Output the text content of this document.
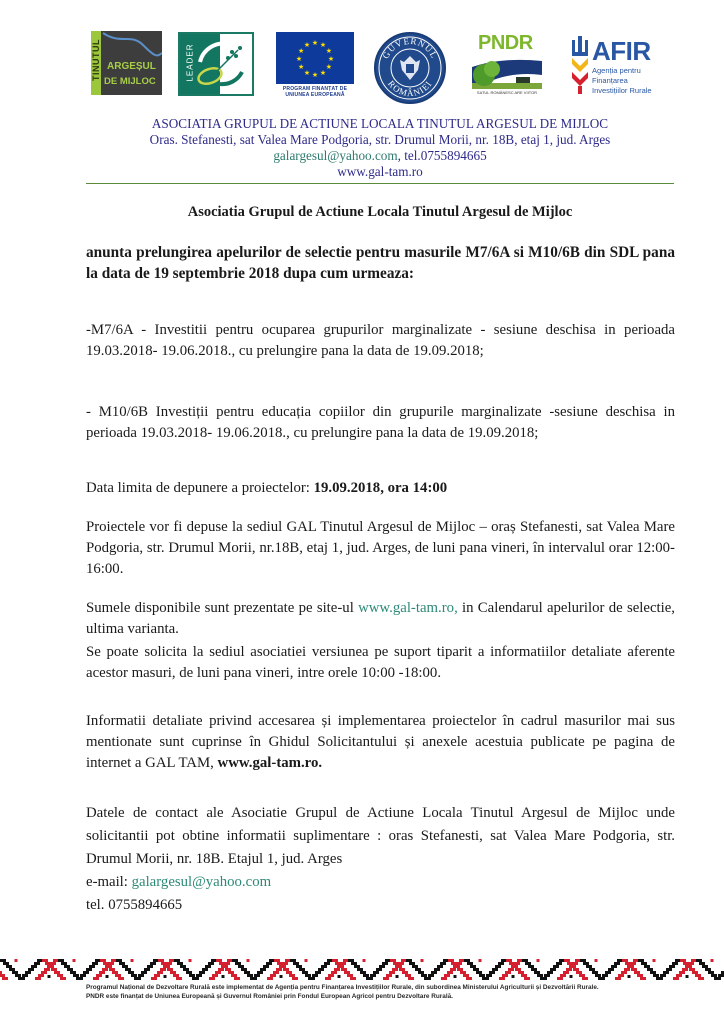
TINUTUL ARGEȘUL
DE MIJLOC	LEADER
★ ★
★
★
★
★
★
★
★
★
★
★
PROGRAM FINANȚAT DE
UNIUNEA EUROPEANĂ
GUVERNUL
ROMÂNIEI
PNDR
SATUL ROMÂNESC ARE VIITOR
AFIR
Agenția pentru Finanțarea
Investițiilor Rurale
ASOCIATIA GRUPUL DE ACTIUNE LOCALA TINUTUL ARGESUL DE MIJLOC
Oras. Stefanesti, sat Valea Mare Podgoria, str. Drumul Morii, nr. 18B, etaj 1, jud. Arges
galargesul@yahoo.com, tel.0755894665
www.gal-tam.ro
Asociatia Grupul de Actiune Locala Tinutul Argesul de Mijloc
anunta prelungirea apelurilor de selectie pentru masurile M7/6A si M10/6B din SDL pana la data de 19 septembrie 2018 dupa cum urmeaza:
-M7/6A - Investitii pentru ocuparea grupurilor marginalizate - sesiune deschisa in perioada 19.03.2018- 19.06.2018., cu prelungire pana la data de 19.09.2018;
- M10/6B Investiții pentru educația copiilor din grupurile marginalizate -sesiune deschisa in perioada 19.03.2018- 19.06.2018., cu prelungire pana la data de 19.09.2018;
Data limita de depunere a proiectelor: 19.09.2018, ora 14:00
Proiectele vor fi depuse la sediul GAL Tinutul Argesul de Mijloc – oraș Stefanesti, sat Valea Mare Podgoria, str. Drumul Morii, nr.18B, etaj 1, jud. Arges, de luni pana vineri, în intervalul orar 12:00-16:00.
Sumele disponibile sunt prezentate pe site-ul www.gal-tam.ro, in Calendarul apelurilor de selectie, ultima varianta.
Se poate solicita la sediul asociatiei versiunea pe suport tiparit a informatiilor detaliate aferente acestor masuri, de luni pana vineri, intre orele 10:00 -18:00.
Informatii detaliate privind accesarea și implementarea proiectelor în cadrul masurilor mai sus mentionate sunt cuprinse în Ghidul Solicitantului și anexele acestuia publicate pe pagina de internet a GAL TAM, www.gal-tam.ro.
Datele de contact ale Asociatie Grupul de Actiune Locala Tinutul Argesul de Mijloc unde solicitantii pot obtine informatii suplimentare : oras Stefanesti, sat Valea Mare Podgoria, str. Drumul Morii, nr. 18B. Etajul 1, jud. Arges
e-mail: galargesul@yahoo.com
tel. 0755894665
Programul Național de Dezvoltare Rurală este implementat de Agenția pentru Finanțarea Investițiilor Rurale, din subordinea Ministerului Agriculturii și Dezvoltării Rurale.
PNDR este finanțat de Uniunea Europeană și Guvernul României prin Fondul European Agricol pentru Dezvoltare Rurală.
